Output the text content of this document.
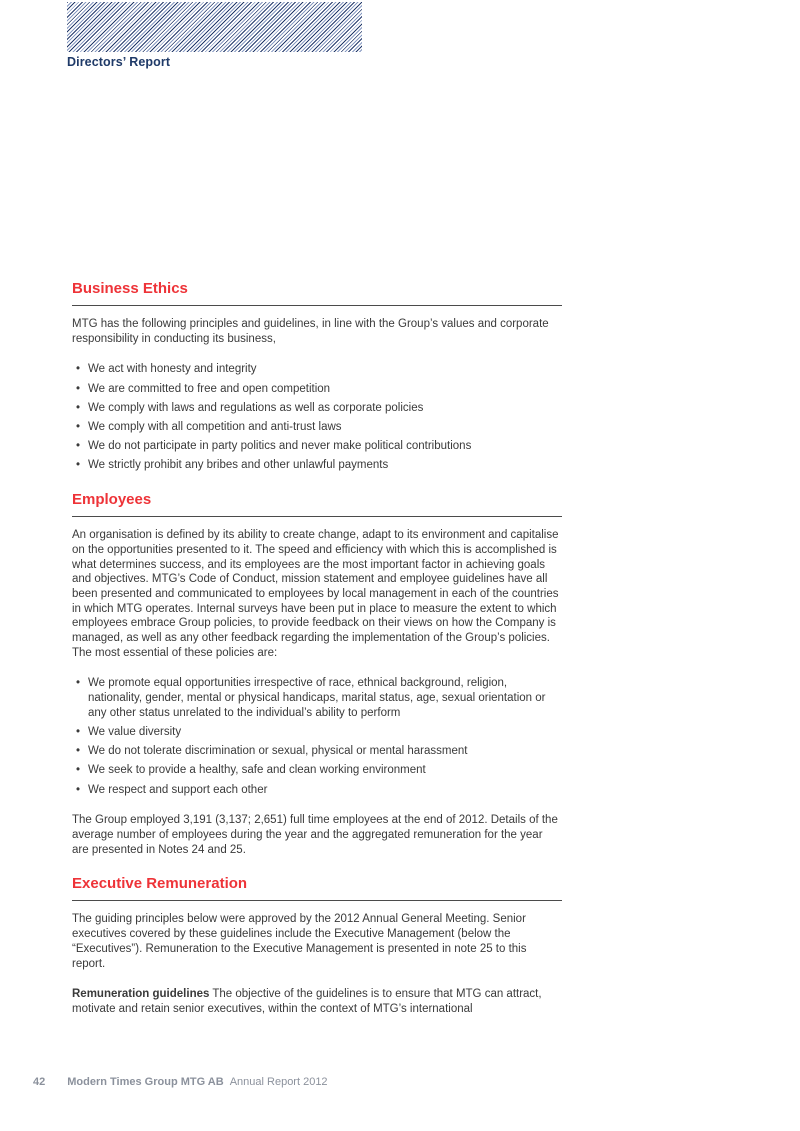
Directors’ Report
Business Ethics

MTG has the following principles and guidelines, in line with the Group’s values and corporate responsibility in conducting its business,

• We act with honesty and integrity
• We are committed to free and open competition
• We comply with laws and regulations as well as corporate policies
• We comply with all competition and anti-trust laws
• We do not participate in party politics and never make political contributions
• We strictly prohibit any bribes and other unlawful payments
Employees

An organisation is defined by its ability to create change, adapt to its environment and capitalise on the opportunities presented to it. The speed and efficiency with which this is accomplished is what determines success, and its employees are the most important factor in achieving goals and objectives. MTG’s Code of Conduct, mission statement and employee guidelines have all been presented and communicated to employees by local management in each of the countries in which MTG operates. Internal surveys have been put in place to measure the extent to which employees embrace Group policies, to provide feedback on their views on how the Company is managed, as well as any other feedback regarding the implementation of the Group’s policies. The most essential of these policies are:

• We promote equal opportunities irrespective of race, ethnical background, religion, nationality, gender, mental or physical handicaps, marital status, age, sexual orientation or any other status unrelated to the individual’s ability to perform
• We value diversity
• We do not tolerate discrimination or sexual, physical or mental harassment
• We seek to provide a healthy, safe and clean working environment
• We respect and support each other

The Group employed 3,191 (3,137; 2,651) full time employees at the end of 2012. Details of the average number of employees during the year and the aggregated remuneration for the year are presented in Notes 24 and 25.

Executive Remuneration

The guiding principles below were approved by the 2012 Annual General Meeting. Senior executives covered by these guidelines include the Executive Management (below the “Executives”). Remuneration to the Executive Management is presented in note 25 to this report.

Remuneration guidelines The objective of the guidelines is to ensure that MTG can attract, motivate and retain senior executives, within the context of MTG’s international

42 Modern Times Group MTG AB Annual Report 2012
